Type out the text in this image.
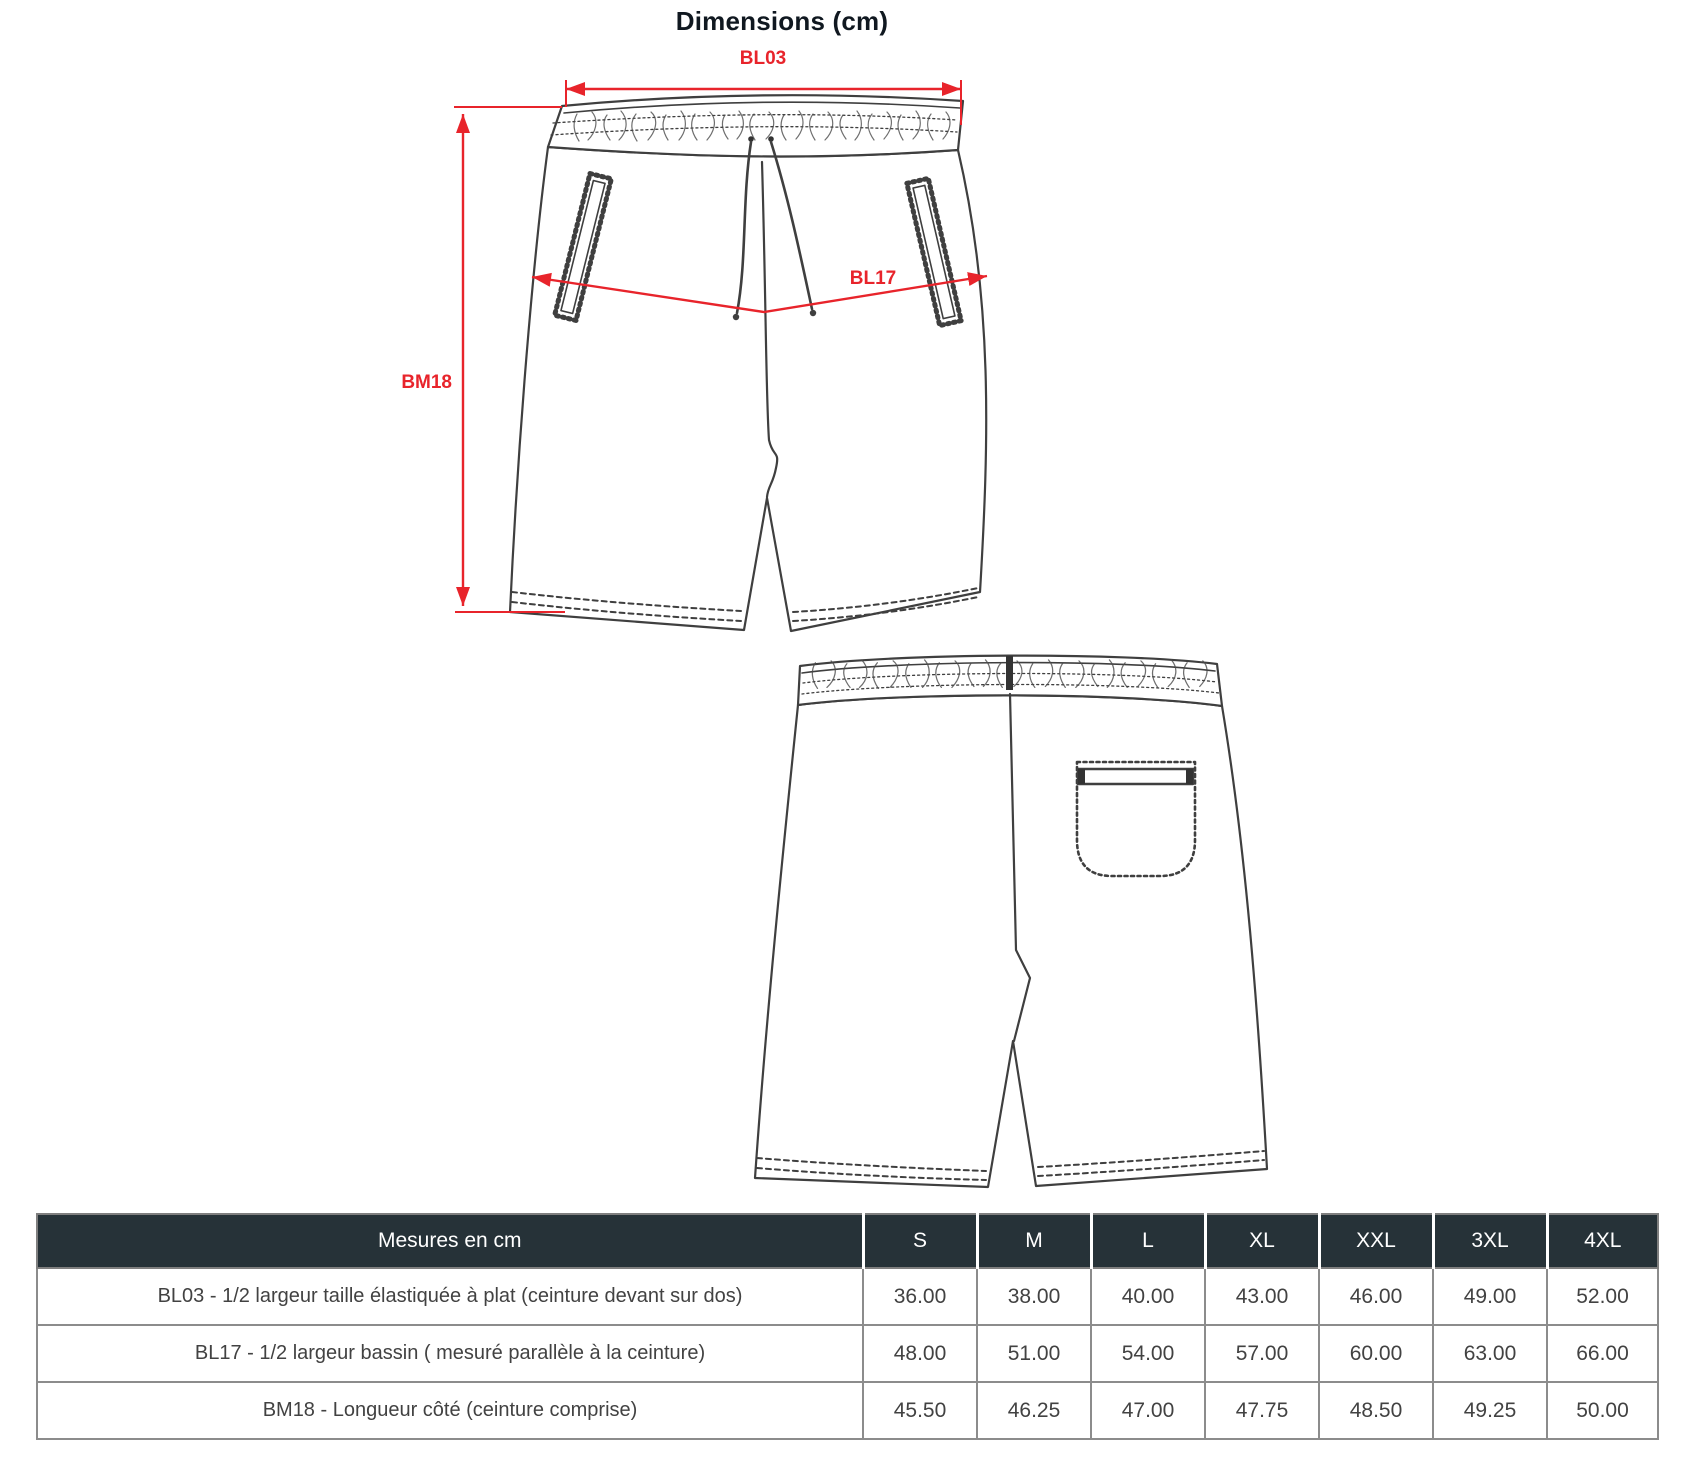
Dimensions (cm)
BL03
BM18
BL17
Mesures en cm	S	M	L	XL	XXL	3XL	4XL
BL03 - 1/2 largeur taille élastiquée à plat (ceinture devant sur dos)	36.00	38.00	40.00	43.00	46.00	49.00	52.00
BL17 - 1/2 largeur bassin ( mesuré parallèle à la ceinture)	48.00	51.00	54.00	57.00	60.00	63.00	66.00
BM18 - Longueur côté (ceinture comprise)	45.50	46.25	47.00	47.75	48.50	49.25	50.00
